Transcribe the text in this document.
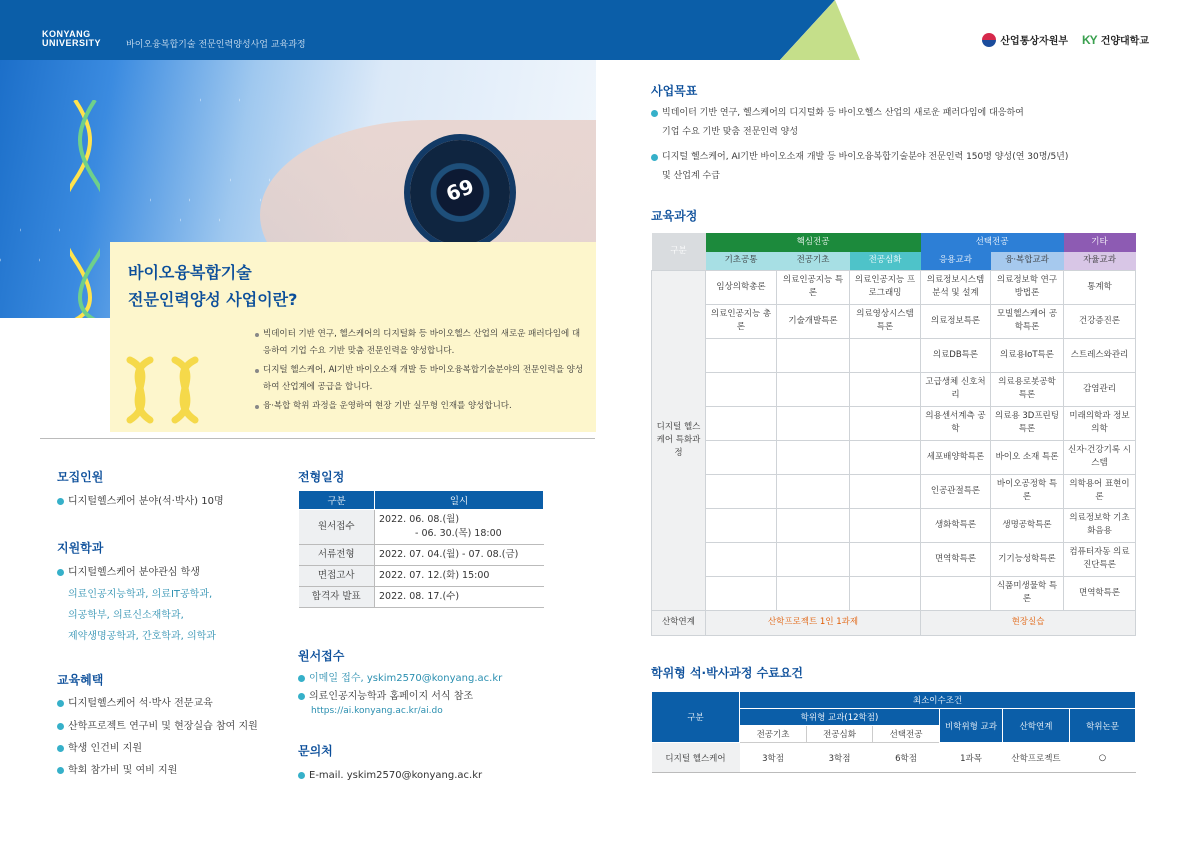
KONYANG UNIVERSITY	바이오융복합기술 전문인력양성사업 교육과정	산업통상자원부 KY 건양대학교
69
바이오융복합기술
전문인력양성 사업이란?
빅데이터 기반 연구, 헬스케어의 디지털화 등 바이오헬스 산업의 새로운 패러다임에 대응하여 기업 수요 기반 맞춤 전문인력을 양성합니다.
디지털 헬스케어, AI기반 바이오소재 개발 등 바이오융복합기술분야의 전문인력을 양성하여 산업계에 공급을 합니다.
융·복합 학위 과정을 운영하여 현장 기반 실무형 인재를 양성합니다.
모집인원
디지털헬스케어 분야(석·박사) 10명
지원학과
디지털헬스케어 분야관심 학생
의료인공지능학과, 의료IT공학과,
의공학부, 의료신소재학과,
제약생명공학과, 간호학과, 의학과
교육혜택
디지털헬스케어 석·박사 전문교육
산학프로젝트 연구비 및 현장실습 참여 지원
학생 인건비 지원
학회 참가비 및 여비 지원
전형일정
구분	일시
원서접수	2022. 06. 08.(월)
- 06. 30.(목) 18:00

서류전형	2022. 07. 04.(월) - 07. 08.(금)
면접고사	2022. 07. 12.(화) 15:00
합격자 발표	2022. 08. 17.(수)
원서접수
이메일 접수, yskim2570@konyang.ac.kr
의료인공지능학과 홈페이지 서식 참조
https://ai.konyang.ac.kr/ai.do
문의처
E-mail. yskim2570@konyang.ac.kr
사업목표
빅데이터 기반 연구, 헬스케어의 디지털화 등 바이오헬스 산업의 새로운 패러다임에 대응하여
기업 수요 기반 맞춤 전문인력 양성
디지털 헬스케어, AI기반 바이오소재 개발 등 바이오융복합기술분야 전문인력 150명 양성(연 30명/5년)
및 산업계 수급
교육과정
구분	핵심전공			선택전공		기타
	기초공통	전공기초	전공심화	응용교과	융·복합교과	자율교과
디지털 헬스케어 특화과정	임상의학총론	의료인공지능 특론	의료인공지능 프로그래밍	의료정보시스템 분석 및 설계	의료정보학 연구방법론	통계학
	의료인공지능 총론	기술개발특론	의료영상시스템 특론	의료정보특론	모빌헬스케어 공학특론	건강증진론
				의료DB특론	의료용IoT특론	스트레스와관리
				고급생체 신호처리	의료용로봇공학 특론	감염관리
				의용센서계측 공학	의료용 3D프린팅특론	미래의학과 정보의학
				세포배양학특론	바이오 소재 특론	신자·건강기록 시스템
				인공관절특론	바이오공정학 특론	의학용어 표현이론
				생화학특론	생명공학특론	의료정보학 기초화음용
				면역학특론	기기능성학특론	컴퓨터자동 의료진단특론
					식품미생물학 특론	면역학특론
산학연계	산학프로젝트 1인 1과제			현장실습		
학위형 석·박사과정 수료요건
구분	최소이수조건					
	학위형 교과(12학점)			비학위형 교과	산학연계	학위논문
	전공기초	전공심화	선택전공			
디지털 헬스케어	3학점	3학점	6학점	1과목	산학프로젝트	○
